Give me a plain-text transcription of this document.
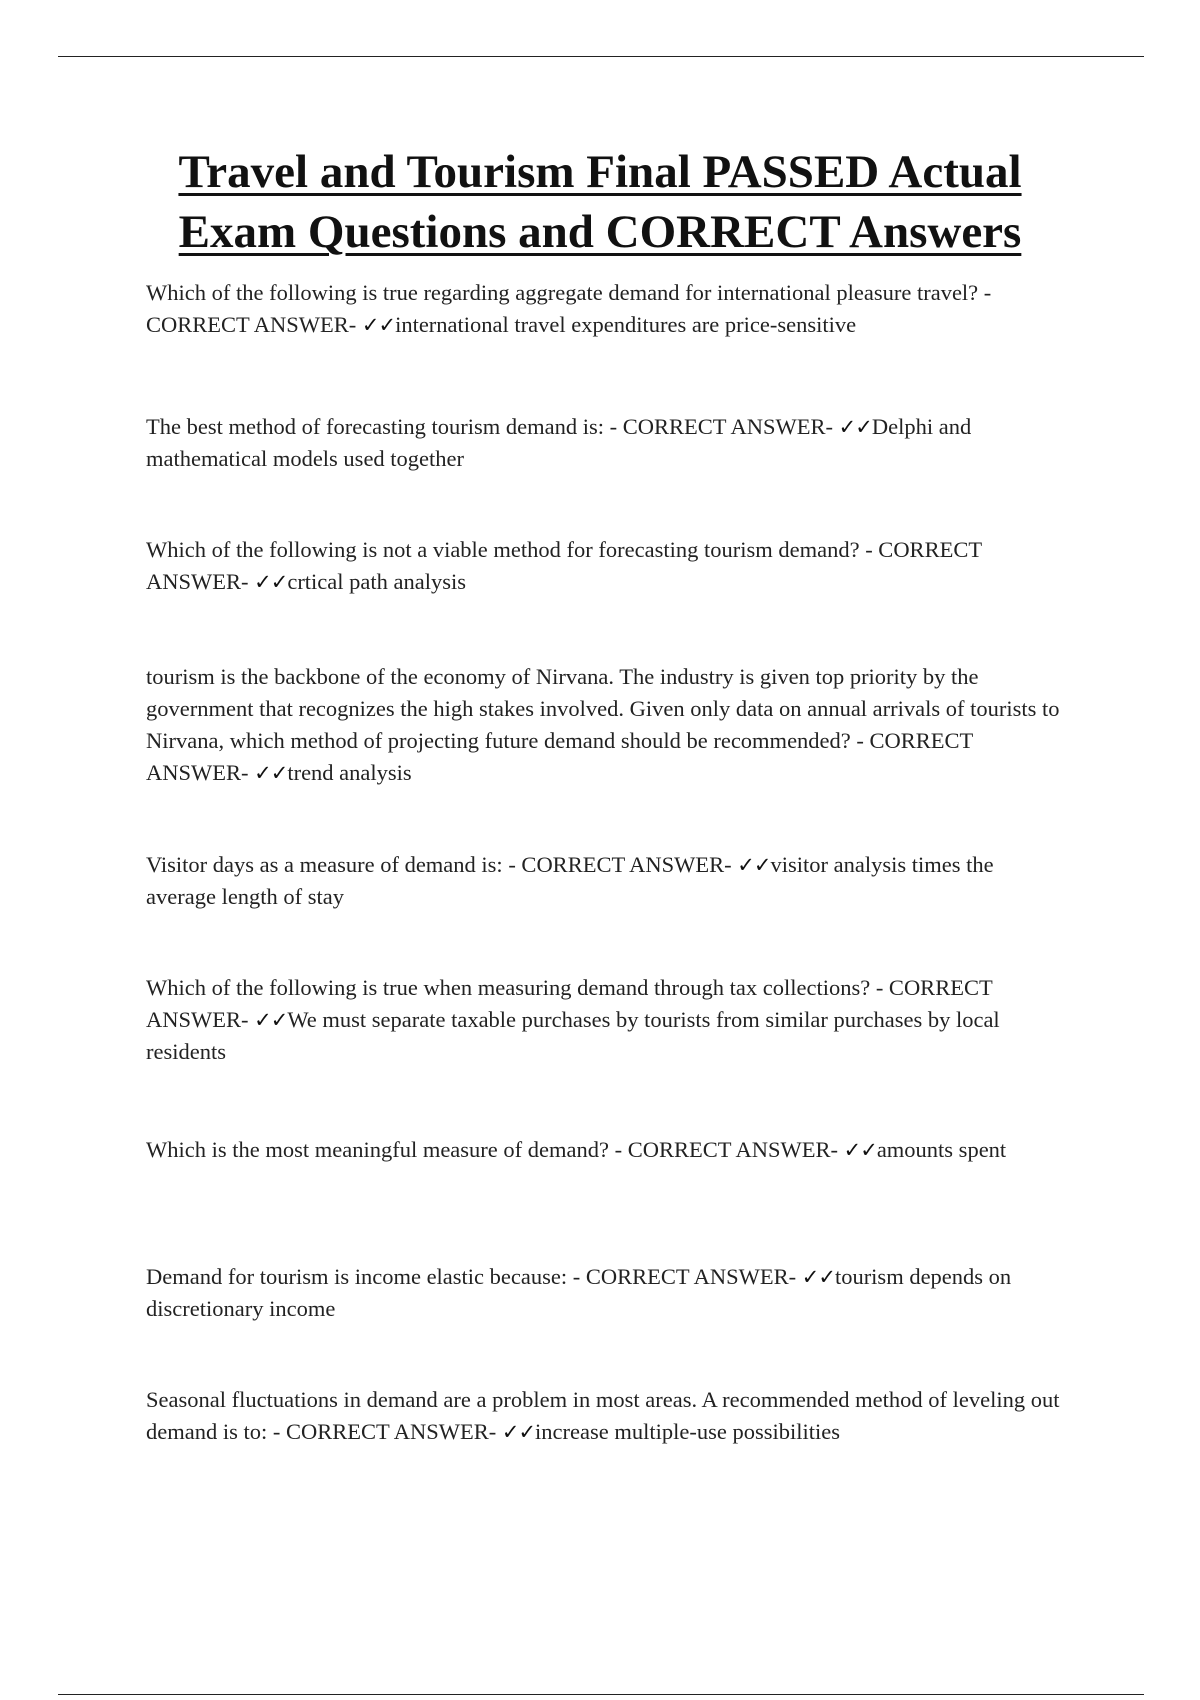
Travel and Tourism Final PASSED Actual
Exam Questions and CORRECT Answers

Which of the following is true regarding aggregate demand for international pleasure travel? - CORRECT ANSWER- ✓✓international travel expenditures are price-sensitive

The best method of forecasting tourism demand is: - CORRECT ANSWER- ✓✓Delphi and mathematical models used together

Which of the following is not a viable method for forecasting tourism demand? - CORRECT ANSWER- ✓✓crtical path analysis

tourism is the backbone of the economy of Nirvana. The industry is given top priority by the government that recognizes the high stakes involved. Given only data on annual arrivals of tourists to Nirvana, which method of projecting future demand should be recommended? - CORRECT ANSWER- ✓✓trend analysis

Visitor days as a measure of demand is: - CORRECT ANSWER- ✓✓visitor analysis times the average length of stay

Which of the following is true when measuring demand through tax collections? - CORRECT ANSWER- ✓✓We must separate taxable purchases by tourists from similar purchases by local residents

Which is the most meaningful measure of demand? - CORRECT ANSWER- ✓✓amounts spent

Demand for tourism is income elastic because: - CORRECT ANSWER- ✓✓tourism depends on discretionary income

Seasonal fluctuations in demand are a problem in most areas. A recommended method of leveling out demand is to: - CORRECT ANSWER- ✓✓increase multiple-use possibilities
